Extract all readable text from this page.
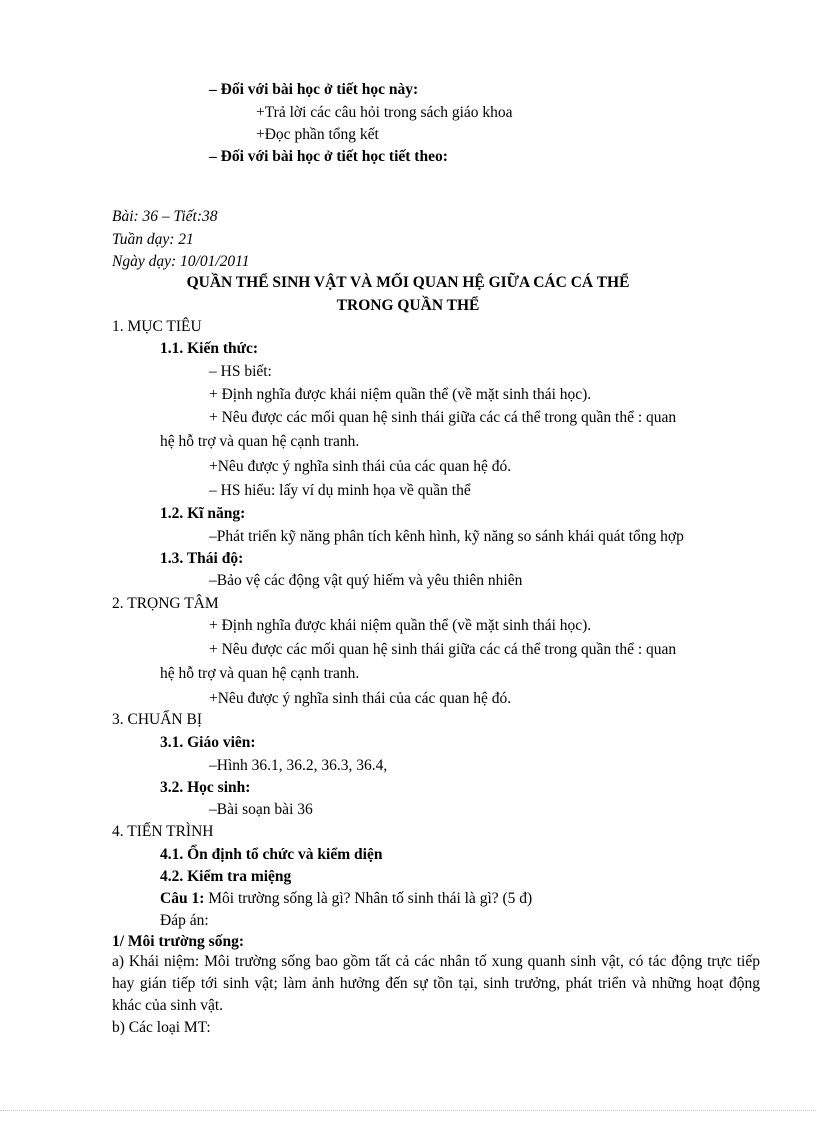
– Đối với bài học ở tiết học này:
+Trả lời các câu hỏi trong sách giáo khoa
+Đọc phần tổng kết
– Đối với bài học ở tiết học tiết theo:
Bài: 36 – Tiết:38
Tuần dạy: 21
Ngày dạy: 10/01/2011
QUẦN THỂ SINH VẬT VÀ MỐI QUAN HỆ GIỮA CÁC CÁ THỂ
TRONG QUẦN THỂ
1. MỤC TIÊU
1.1. Kiến thức:
– HS biết:
+ Định nghĩa được khái niệm quần thể (về mặt sinh thái học).
+ Nêu được các mối quan hệ sinh thái giữa các cá thể trong quần thể : quan
hệ hỗ trợ và quan hệ cạnh tranh.
+Nêu được ý nghĩa sinh thái của các quan hệ đó.
– HS hiểu: lấy ví dụ minh họa về quần thể
1.2. Kĩ năng:
–Phát triển kỹ năng phân tích kênh hình, kỹ năng so sánh khái quát tổng hợp
1.3. Thái độ:
–Bảo vệ các động vật quý hiếm và yêu thiên nhiên
2. TRỌNG TÂM
+ Định nghĩa được khái niệm quần thể (về mặt sinh thái học).
+ Nêu được các mối quan hệ sinh thái giữa các cá thể trong quần thể : quan
hệ hỗ trợ và quan hệ cạnh tranh.
+Nêu được ý nghĩa sinh thái của các quan hệ đó.
3. CHUẨN BỊ
3.1. Giáo viên:
–Hình 36.1, 36.2, 36.3, 36.4,
3.2. Học sinh:
–Bài soạn bài 36
4. TIẾN TRÌNH
4.1. Ổn định tổ chức và kiểm diện
4.2. Kiểm tra miệng
Câu 1: Môi trường sống là gì? Nhân tố sinh thái là gì? (5 đ)
Đáp án:
1/ Môi trường sống:
a) Khái niệm: Môi trường sống bao gồm tất cả các nhân tố xung quanh sinh vật, có tác động trực tiếp hay gián tiếp tới sinh vật; làm ảnh hưởng đến sự tồn tại, sinh trưởng, phát triển và những hoạt động khác của sinh vật.
b) Các loại MT:
